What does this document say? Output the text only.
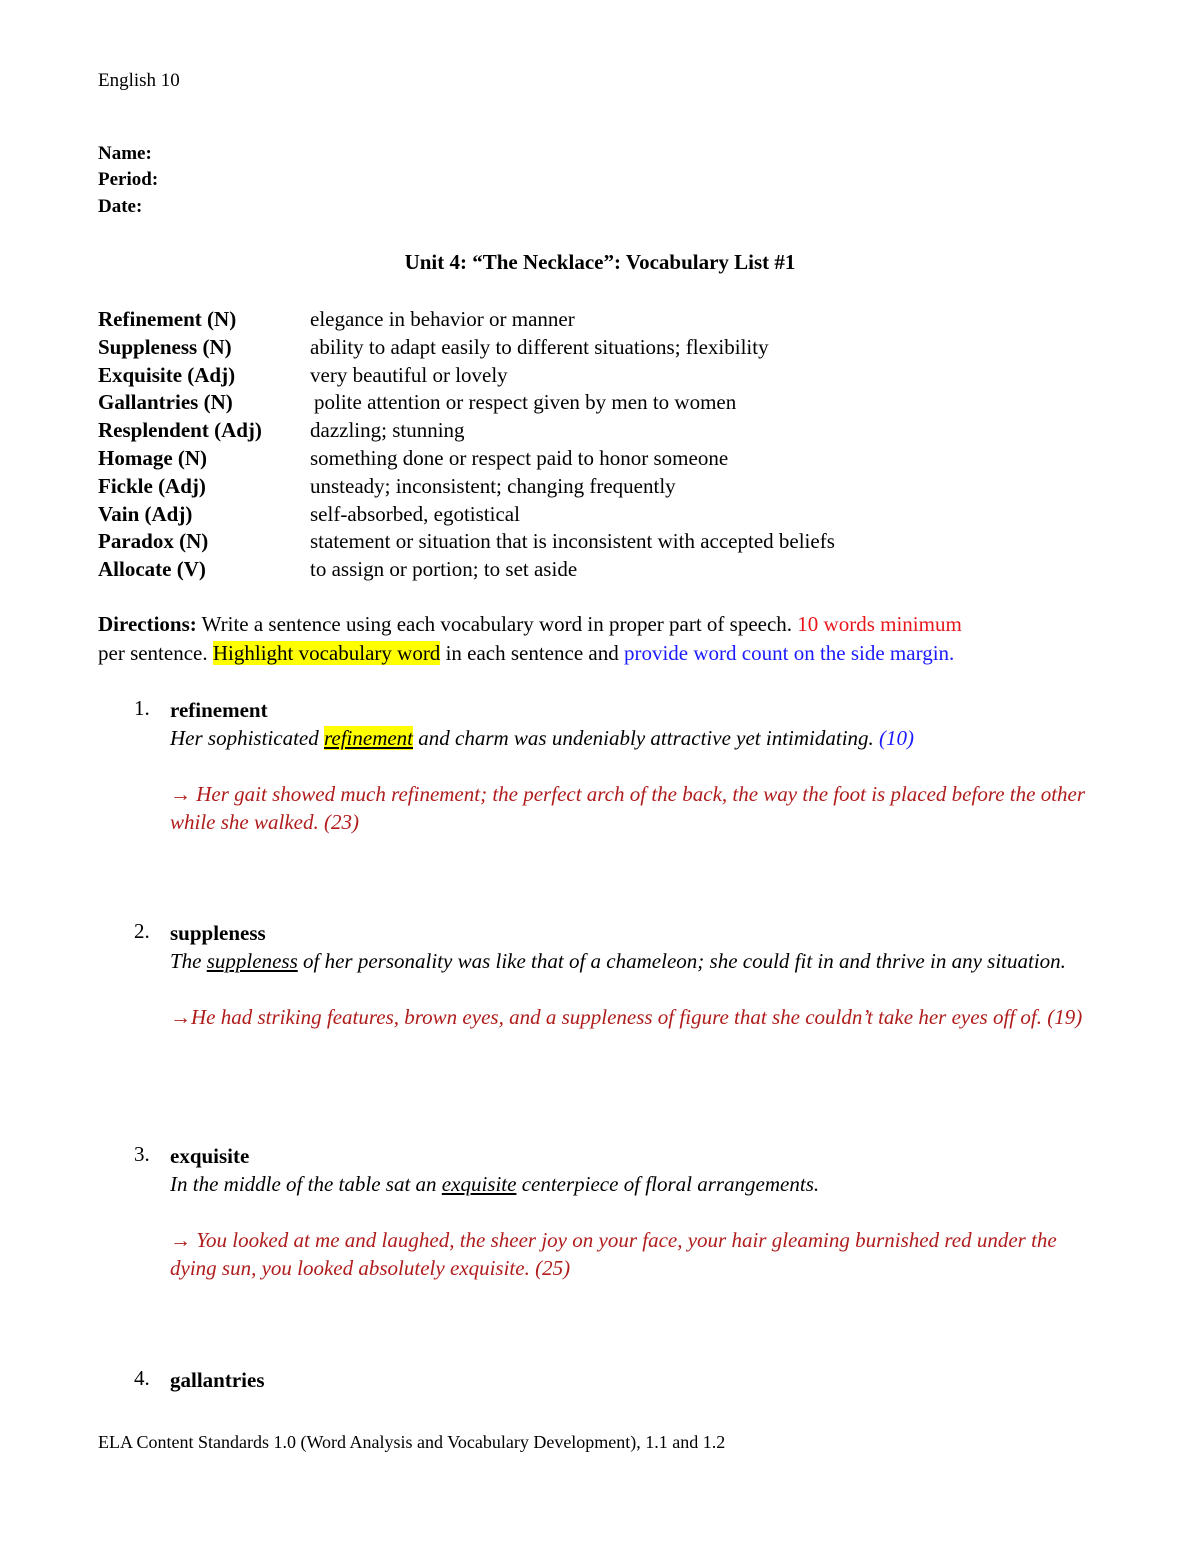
English 10
Name:
Period:
Date:
Unit 4: “The Necklace”: Vocabulary List #1
Refinement (N)	elegance in behavior or manner
Suppleness (N)	ability to adapt easily to different situations; flexibility
Exquisite (Adj)	very beautiful or lovely
Gallantries (N)	polite attention or respect given by men to women
Resplendent (Adj) dazzling; stunning
Homage (N)	something done or respect paid to honor someone
Fickle (Adj)	unsteady; inconsistent; changing frequently
Vain (Adj)	self-absorbed, egotistical
Paradox (N)	statement or situation that is inconsistent with accepted beliefs
Allocate (V)	to assign or portion; to set aside
Directions: Write a sentence using each vocabulary word in proper part of speech. 10 words minimum
per sentence. Highlight vocabulary word in each sentence and provide word count on the side margin.
1. refinement
Her sophisticated refinement and charm was undeniably attractive yet intimidating. (10)
→ Her gait showed much refinement; the perfect arch of the back, the way the foot is placed before the other while she walked. (23)
2. suppleness
The suppleness of her personality was like that of a chameleon; she could fit in and thrive in any situation.
→He had striking features, brown eyes, and a suppleness of figure that she couldn’t take her eyes off of. (19)
3. exquisite
In the middle of the table sat an exquisite centerpiece of floral arrangements.
→ You looked at me and laughed, the sheer joy on your face, your hair gleaming burnished red under the dying sun, you looked absolutely exquisite. (25)
4. gallantries
ELA Content Standards 1.0 (Word Analysis and Vocabulary Development), 1.1 and 1.2
